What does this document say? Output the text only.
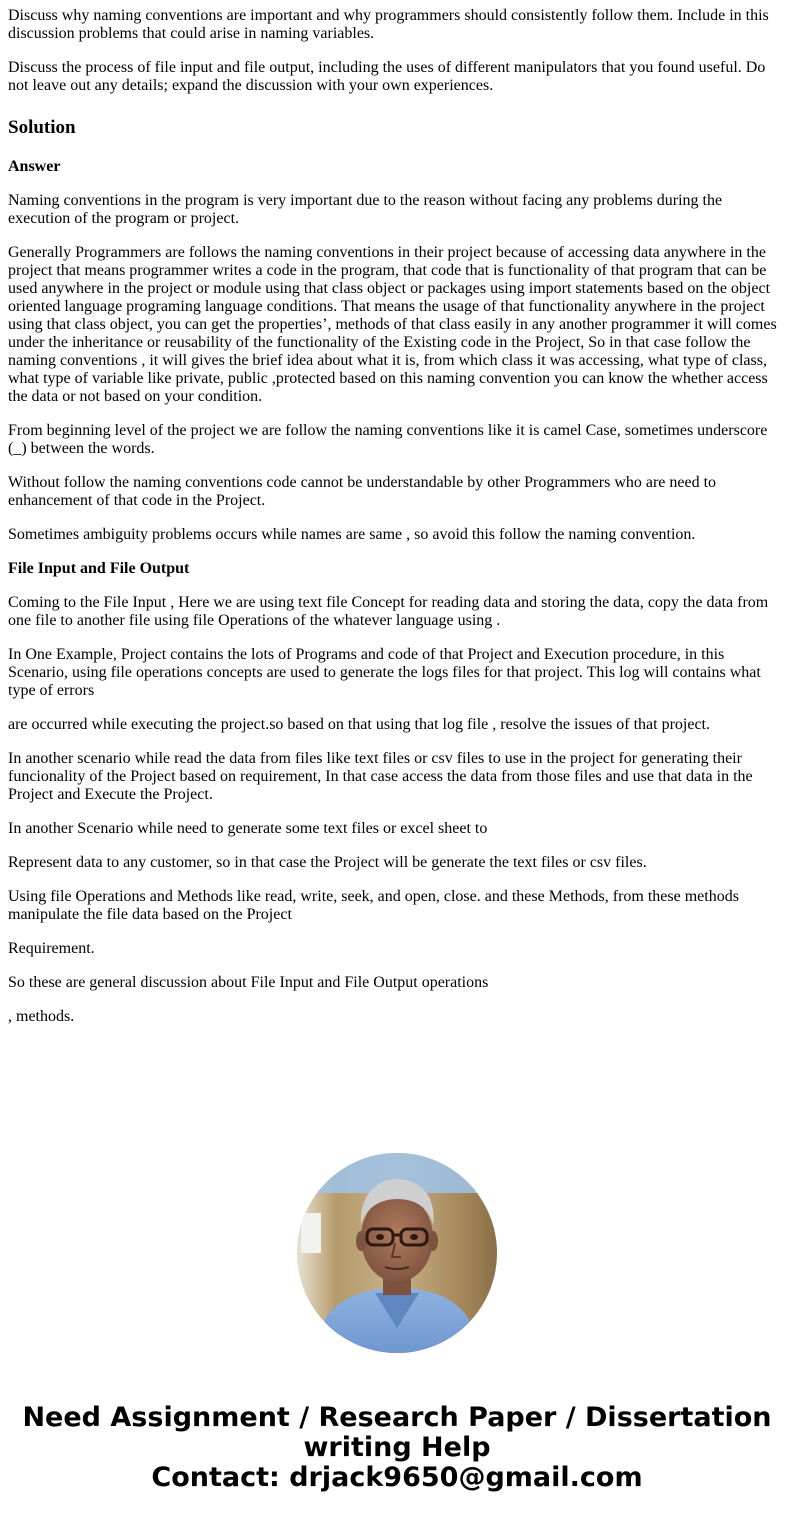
Discuss why naming conventions are important and why programmers should consistently follow them. Include in this discussion problems that could arise in naming variables.

Discuss the process of file input and file output, including the uses of different manipulators that you found useful. Do not leave out any details; expand the discussion with your own experiences.

Solution

Answer

Naming conventions in the program is very important due to the reason without facing any problems during the execution of the program or project.

Generally Programmers are follows the naming conventions in their project because of accessing data anywhere in the project that means programmer writes a code in the program, that code that is functionality of that program that can be used anywhere in the project or module using that class object or packages using import statements based on the object oriented language programing language conditions. That means the usage of that functionality anywhere in the project using that class object, you can get the properties’, methods of that class easily in any another programmer it will comes under the inheritance or reusability of the functionality of the Existing code in the Project, So in that case follow the naming conventions , it will gives the brief idea about what it is, from which class it was accessing, what type of class, what type of variable like private, public ,protected based on this naming convention you can know the whether access the data or not based on your condition.

From beginning level of the project we are follow the naming conventions like it is camel Case, sometimes underscore (_) between the words.

Without follow the naming conventions code cannot be understandable by other Programmers who are need to enhancement of that code in the Project.

Sometimes ambiguity problems occurs while names are same , so avoid this follow the naming convention.

File Input and File Output

Coming to the File Input , Here we are using text file Concept for reading data and storing the data, copy the data from one file to another file using file Operations of the whatever language using .

In One Example, Project contains the lots of Programs and code of that Project and Execution procedure, in this Scenario, using file operations concepts are used to generate the logs files for that project. This log will contains what type of errors

are occurred while executing the project.so based on that using that log file , resolve the issues of that project.

In another scenario while read the data from files like text files or csv files to use in the project for generating their funcionality of the Project based on requirement, In that case access the data from those files and use that data in the Project and Execute the Project.

In another Scenario while need to generate some text files or excel sheet to

Represent data to any customer, so in that case the Project will be generate the text files or csv files.

Using file Operations and Methods like read, write, seek, and open, close. and these Methods, from these methods manipulate the file data based on the Project

Requirement.

So these are general discussion about File Input and File Output operations

, methods.

Need Assignment / Research Paper / Dissertation
writing Help
Contact: drjack9650@gmail.com
